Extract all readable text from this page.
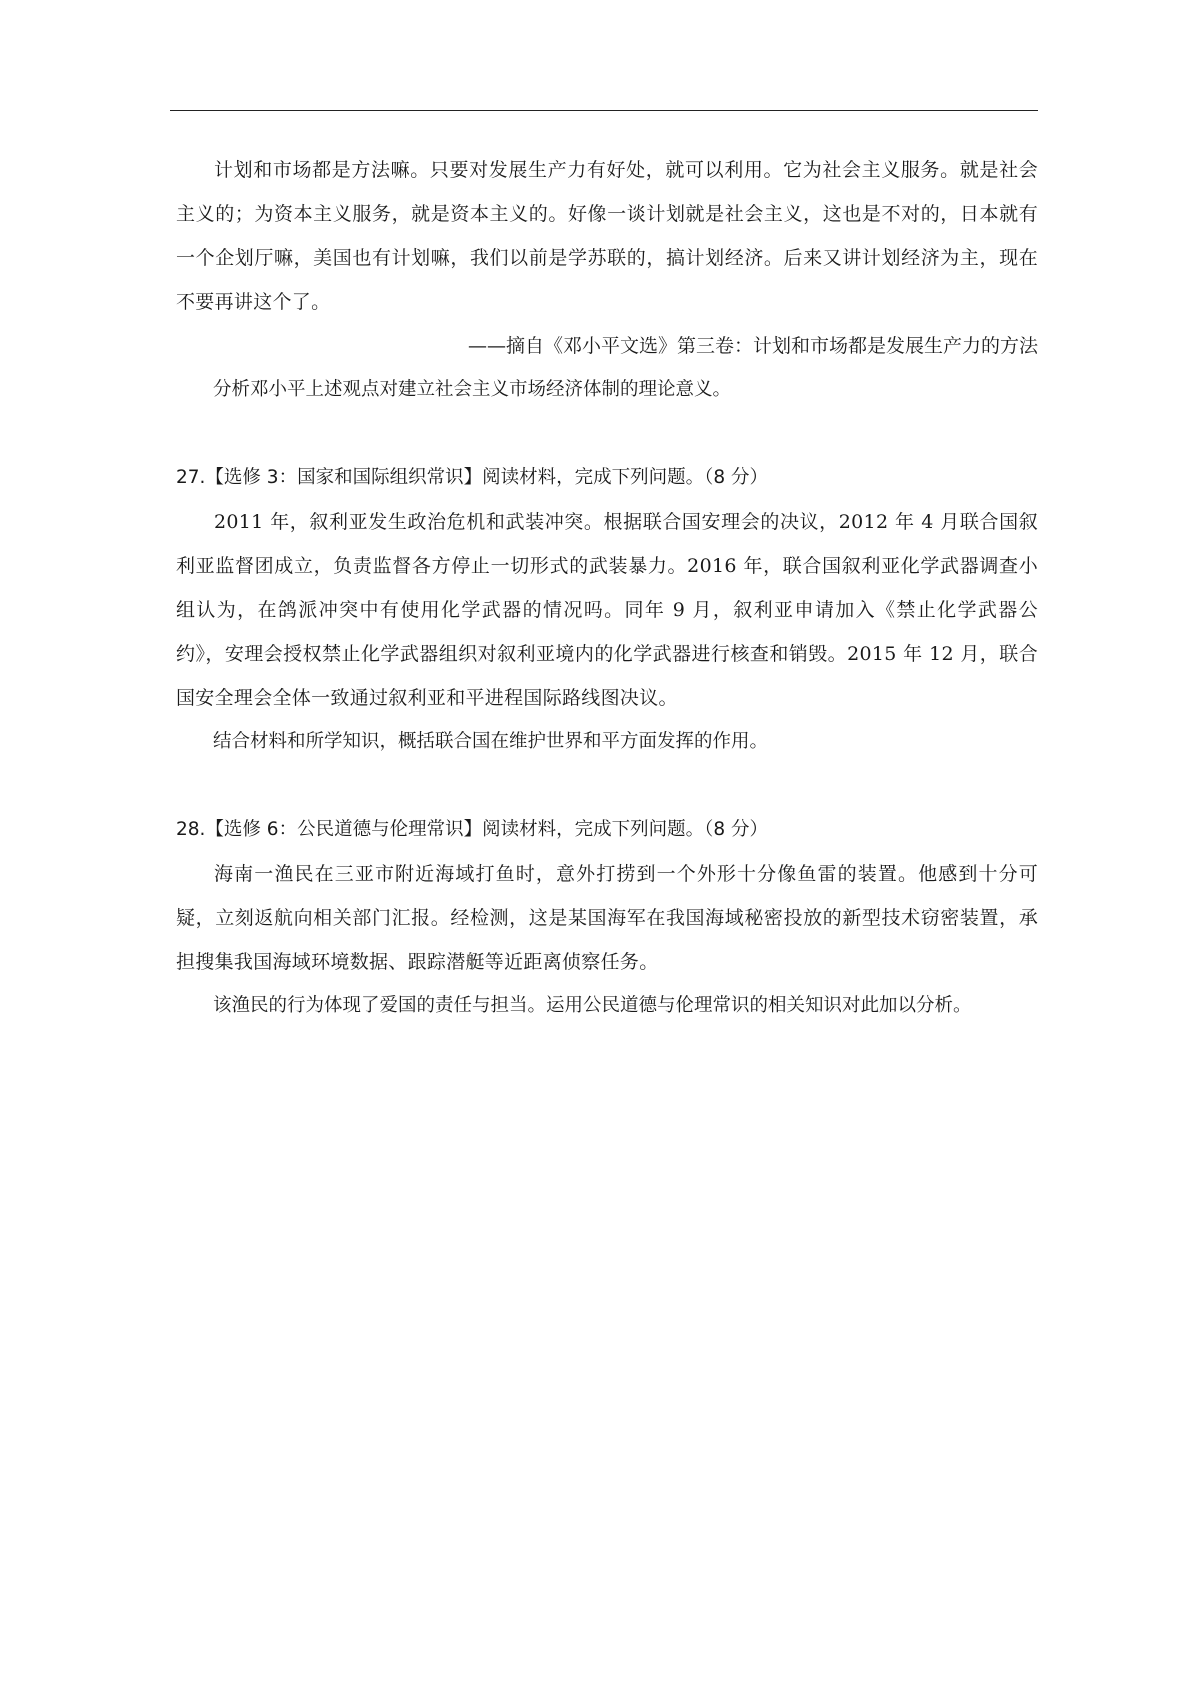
计划和市场都是方法嘛。只要对发展生产力有好处，就可以利用。它为社会主义服务。就是社会主义的；为资本主义服务，就是资本主义的。好像一谈计划就是社会主义，这也是不对的，日本就有一个企划厅嘛，美国也有计划嘛，我们以前是学苏联的，搞计划经济。后来又讲计划经济为主，现在不要再讲这个了。

——摘自《邓小平文选》第三卷：计划和市场都是发展生产力的方法

分析邓小平上述观点对建立社会主义市场经济体制的理论意义。

27.【选修 3：国家和国际组织常识】阅读材料，完成下列问题。（8 分）

2011 年，叙利亚发生政治危机和武装冲突。根据联合国安理会的决议，2012 年 4 月联合国叙利亚监督团成立，负责监督各方停止一切形式的武装暴力。2016 年，联合国叙利亚化学武器调查小组认为，在鸽派冲突中有使用化学武器的情况吗。同年 9 月，叙利亚申请加入《禁止化学武器公约》，安理会授权禁止化学武器组织对叙利亚境内的化学武器进行核查和销毁。2015 年 12 月，联合国安全理会全体一致通过叙利亚和平进程国际路线图决议。

结合材料和所学知识，概括联合国在维护世界和平方面发挥的作用。

28.【选修 6：公民道德与伦理常识】阅读材料，完成下列问题。（8 分）

海南一渔民在三亚市附近海域打鱼时，意外打捞到一个外形十分像鱼雷的装置。他感到十分可疑，立刻返航向相关部门汇报。经检测，这是某国海军在我国海域秘密投放的新型技术窃密装置，承担搜集我国海域环境数据、跟踪潜艇等近距离侦察任务。

该渔民的行为体现了爱国的责任与担当。运用公民道德与伦理常识的相关知识对此加以分析。
